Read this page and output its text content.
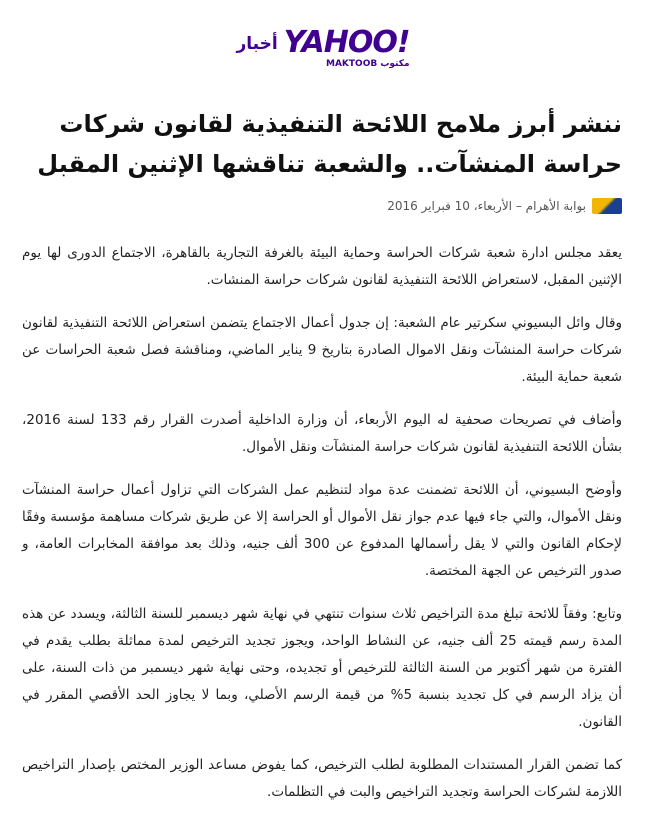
أخبار YAHOO!
MAKTOOB مكتوب
ننشر أبرز ملامح اللائحة التنفيذية لقانون شركات حراسة المنشآت.. والشعبة تناقشها الإثنين المقبل
بوابة الأهرام – الأربعاء، 10 فبراير 2016

يعقد مجلس ادارة شعبة شركات الحراسة وحماية البيئة بالغرفة التجارية بالقاهرة، الاجتماع الدورى لها يوم الإثنين المقبل، لاستعراض اللائحة التنفيذية لقانون شركات حراسة المنشات.

وقال وائل البسيوني سكرتير عام الشعبة: إن جدول أعمال الاجتماع يتضمن استعراض اللائحة التنفيذية لقانون شركات حراسة المنشآت ونقل الاموال الصادرة بتاريخ 9 يناير الماضي، ومناقشة فصل شعبة الحراسات عن شعبة حماية البيئة.

وأضاف في تصريحات صحفية له اليوم الأربعاء، أن وزارة الداخلية أصدرت القرار رقم 133 لسنة 2016، بشأن اللائحة التنفيذية لقانون شركات حراسة المنشآت ونقل الأموال.

وأوضح البسيوني، أن اللائحة تضمنت عدة مواد لتنظيم عمل الشركات التي تزاول أعمال حراسة المنشآت ونقل الأموال، والتي جاء فيها عدم جواز نقل الأموال أو الحراسة إلا عن طريق شركات مساهمة مؤسسة وفقًا لإحكام القانون والتي لا يقل رأسمالها المدفوع عن 300 ألف جنيه، وذلك بعد موافقة المخابرات العامة، و صدور الترخيص عن الجهة المختصة.

وتابع: وفقاً للائحة تبلغ مدة التراخيص ثلاث سنوات تنتهي في نهاية شهر ديسمبر للسنة الثالثة، ويسدد عن هذه المدة رسم قيمته 25 ألف جنيه، عن النشاط الواحد، ويجوز تجديد الترخيص لمدة مماثلة بطلب يقدم في الفترة من شهر أكتوبر من السنة الثالثة للترخيص أو تجديده، وحتى نهاية شهر ديسمبر من ذات السنة، على أن يزاد الرسم في كل تجديد بنسبة 5% من قيمة الرسم الأصلي، وبما لا يجاوز الحد الأقصي المقرر في القانون.

كما تضمن القرار المستندات المطلوبة لطلب الترخيص، كما يفوض مساعد الوزير المختص بإصدار التراخيص اللازمة لشركات الحراسة وتجديد التراخيص والبت في التظلمات.
